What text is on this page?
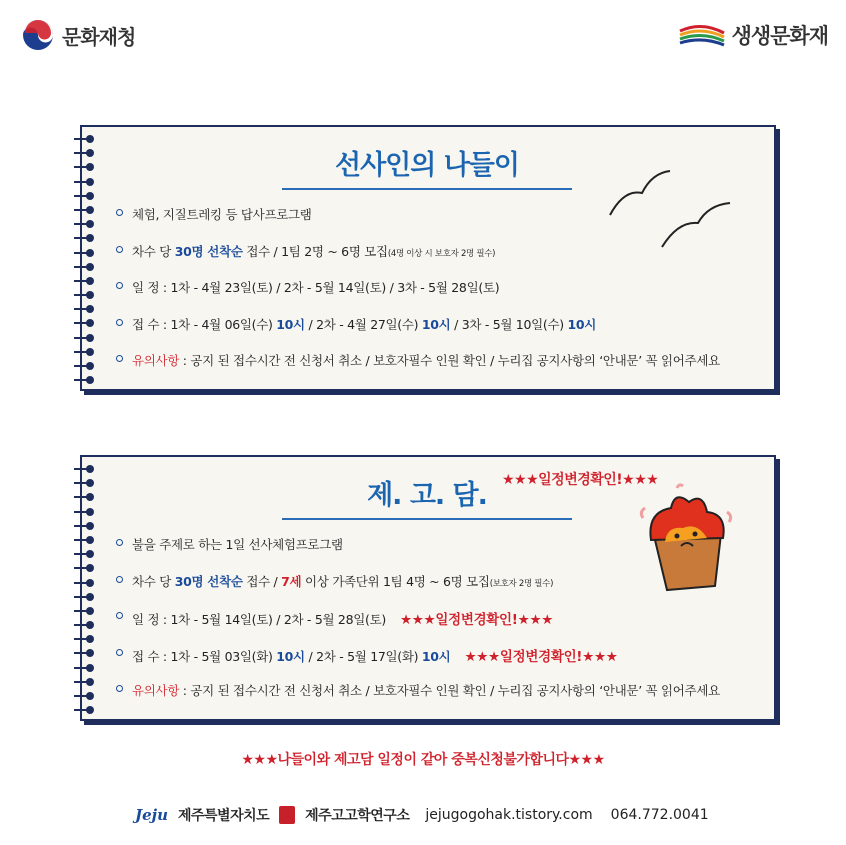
문화재청	생생문화재
선사인의 나들이
체험, 지질트레킹 등 답사프로그램
차수 당 30명 선착순 접수 / 1팀 2명 ~ 6명 모집(4명 이상 시 보호자 2명 필수)
일 정 : 1차 - 4월 23일(토) / 2차 - 5월 14일(토) / 3차 - 5월 28일(토)
접 수 : 1차 - 4월 06일(수) 10시 / 2차 - 4월 27일(수) 10시 / 3차 - 5월 10일(수) 10시
유의사항 : 공지 된 접수시간 전 신청서 취소 / 보호자필수 인원 확인 / 누리집 공지사항의 ‘안내문’ 꼭 읽어주세요
제. 고. 담.	★★★일정변경확인!★★★
불을 주제로 하는 1일 선사체험프로그램
차수 당 30명 선착순 접수 / 7세 이상 가족단위 1팀 4명 ~ 6명 모집(보호자 2명 필수)
일 정 : 1차 - 5월 14일(토) / 2차 - 5월 28일(토) ★★★일정변경확인!★★★
접 수 : 1차 - 5월 03일(화) 10시 / 2차 - 5월 17일(화) 10시 ★★★일정변경확인!★★★
유의사항 : 공지 된 접수시간 전 신청서 취소 / 보호자필수 인원 확인 / 누리집 공지사항의 ‘안내문’ 꼭 읽어주세요
★★★나들이와 제고담 일정이 같아 중복신청불가합니다★★★
Jeju 제주특별자치도	제주고고학연구소 jejugogohak.tistory.com 064.772.0041
